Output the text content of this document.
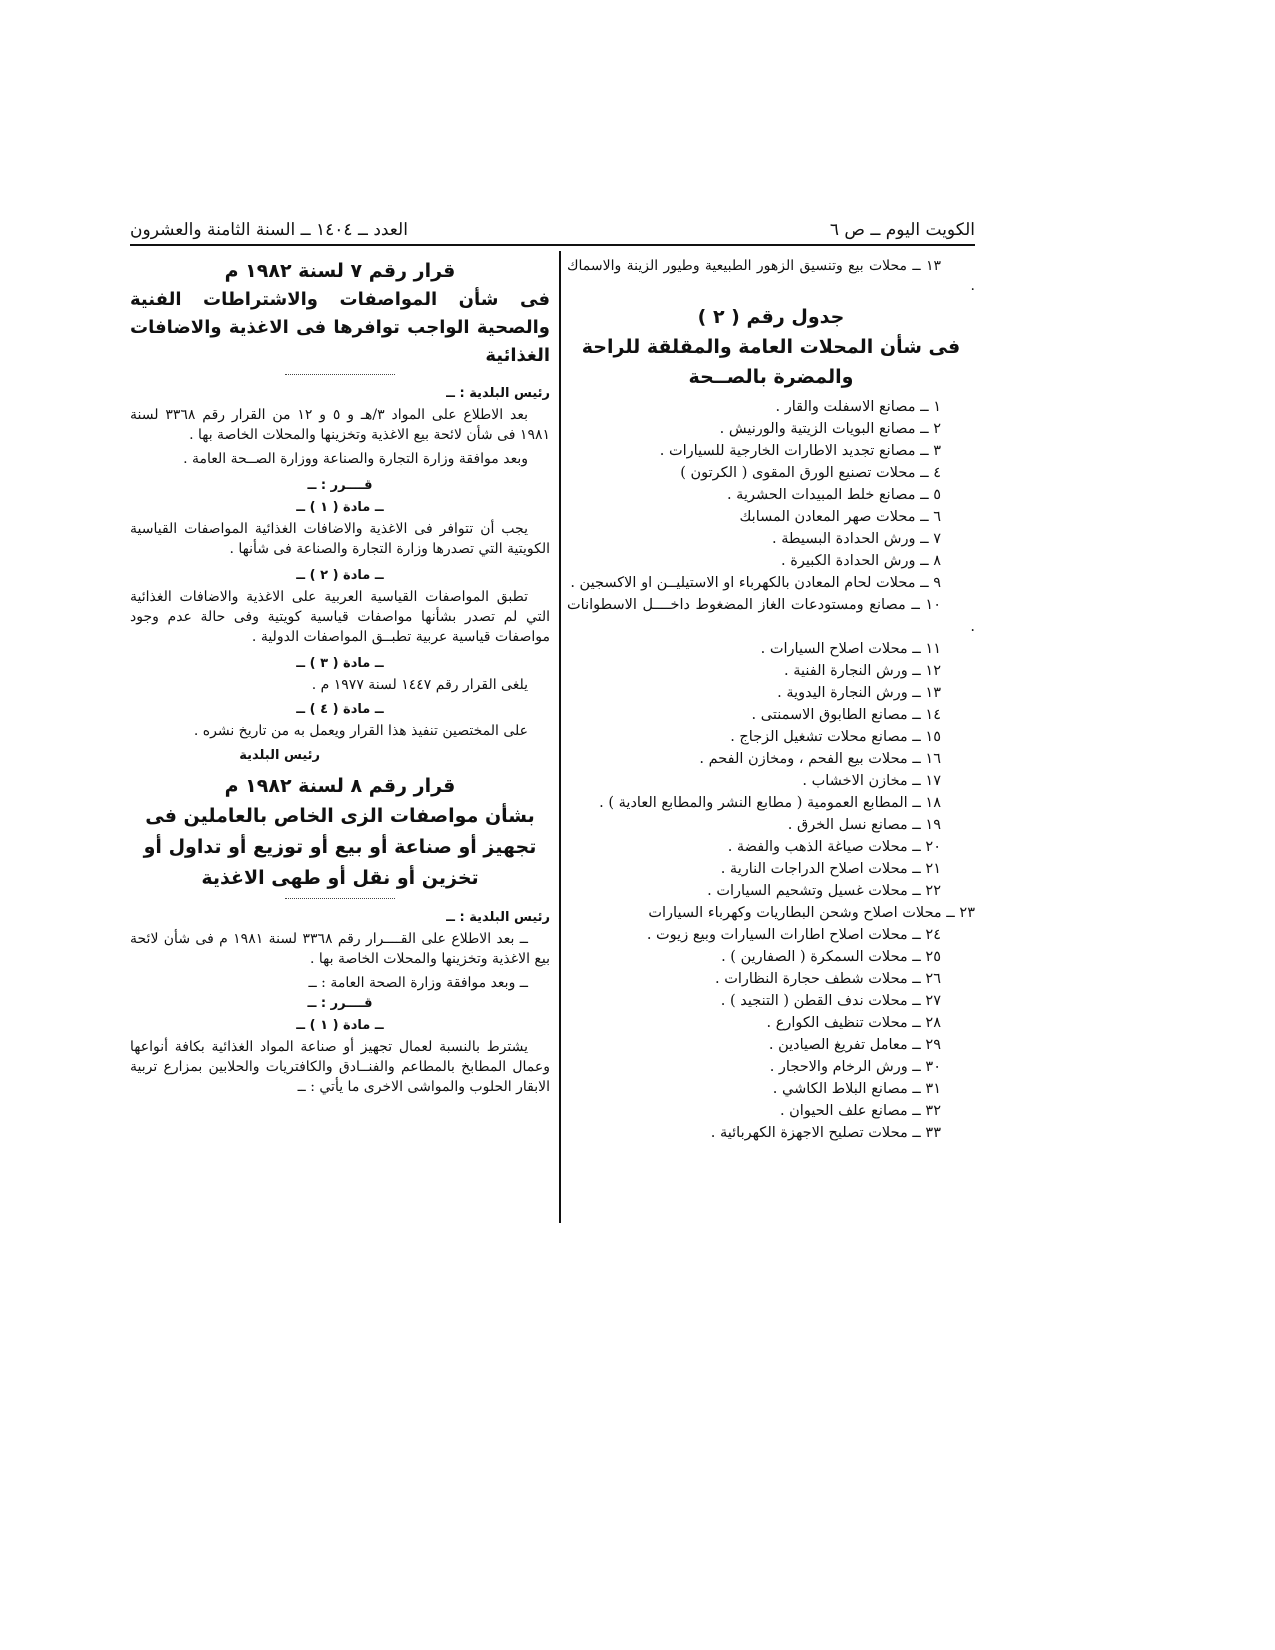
الكويت اليوم ــ ص ٦
العدد ــ ١٤٠٤ ــ السنة الثامنة والعشرون

١٣ ــ محلات بيع وتنسيق الزهور الطبيعية وطيور الزينة والاسماك .

جدول رقم ( ٢ )
فى شأن المحلات العامة والمقلقة للراحة والمضرة بالصــحة
١ ــ مصانع الاسفلت والقار .
٢ ــ مصانع البويات الزيتية والورنيش .
٣ ــ مصانع تجديد الاطارات الخارجية للسيارات .
٤ ــ محلات تصنيع الورق المقوى ( الكرتون )
٥ ــ مصانع خلط المبيدات الحشرية .
٦ ــ محلات صهر المعادن المسابك
٧ ــ ورش الحدادة البسيطة .
٨ ــ ورش الحدادة الكبيرة .
٩ ــ محلات لحام المعادن بالكهرباء او الاستيليــن او الاكسجين .
١٠ ــ مصانع ومستودعات الغاز المضغوط داخــــل الاسطوانات .
١١ ــ محلات اصلاح السيارات .
١٢ ــ ورش النجارة الفنية .
١٣ ــ ورش النجارة اليدوية .
١٤ ــ مصانع الطابوق الاسمنتى .
١٥ ــ مصانع محلات تشغيل الزجاج .
١٦ ــ محلات بيع الفحم ، ومخازن الفحم .
١٧ ــ مخازن الاخشاب .
١٨ ــ المطابع العمومية ( مطابع النشر والمطابع العادية ) .
١٩ ــ مصانع نسل الخرق .
٢٠ ــ محلات صياغة الذهب والفضة .
٢١ ــ محلات اصلاح الدراجات النارية .
٢٢ ــ محلات غسيل وتشحيم السيارات .
٢٣ ــ محلات اصلاح وشحن البطاريات وكهرباء السيارات
٢٤ ــ محلات اصلاح اطارات السيارات وبيع زيوت .
٢٥ ــ محلات السمكرة ( الصفارين ) .
٢٦ ــ محلات شطف حجارة النظارات .
٢٧ ــ محلات ندف القطن ( التنجيد ) .
٢٨ ــ محلات تنظيف الكوارع .
٢٩ ــ معامل تفريغ الصيادين .
٣٠ ــ ورش الرخام والاحجار .
٣١ ــ مصانع البلاط الكاشي .
٣٢ ــ مصانع علف الحيوان .
٣٣ ــ محلات تصليح الاجهزة الكهربائية .
قرار رقم ٧ لسنة ١٩٨٢ م
فى شأن المواصفات والاشتراطات الفنية والصحية الواجب توافرها فى الاغذية والاضافات الغذائية
رئيس البلدية : ــ

بعد الاطلاع على المواد ٣/هـ و ٥ و ١٢ من القرار رقم ٣٣٦٨ لسنة ١٩٨١ فى شأن لائحة بيع الاغذية وتخزينها والمحلات الخاصة بها .

وبعد موافقة وزارة التجارة والصناعة ووزارة الصــحة العامة .

قــــرر : ــ
ــ مادة ( ١ ) ــ

يجب أن تتوافر فى الاغذية والاضافات الغذائية المواصفات القياسية الكويتية التي تصدرها وزارة التجارة والصناعة فى شأنها .

ــ مادة ( ٢ ) ــ

تطبق المواصفات القياسية العربية على الاغذية والاضافات الغذائية التي لم تصدر بشأنها مواصفات قياسية كويتية وفى حالة عدم وجود مواصفات قياسية عربية تطبــق المواصفات الدولية .

ــ مادة ( ٣ ) ــ

يلغى القرار رقم ١٤٤٧ لسنة ١٩٧٧ م .

ــ مادة ( ٤ ) ــ

على المختصين تنفيذ هذا القرار ويعمل به من تاريخ نشره .

رئيس البلدية
قرار رقم ٨ لسنة ١٩٨٢ م
بشأن مواصفات الزى الخاص بالعاملين فى تجهيز أو صناعة أو بيع أو توزيع أو تداول أو تخزين أو نقل أو طهى الاغذية
رئيس البلدية : ــ

ــ بعد الاطلاع على القــــرار رقم ٣٣٦٨ لسنة ١٩٨١ م فى شأن لائحة بيع الاغذية وتخزينها والمحلات الخاصة بها .

ــ وبعد موافقة وزارة الصحة العامة : ــ

قــــرر : ــ
ــ مادة ( ١ ) ــ

يشترط بالنسبة لعمال تجهيز أو صناعة المواد الغذائية بكافة أنواعها وعمال المطابخ بالمطاعم والفنــادق والكافتريات والحلابين بمزارع تربية الابقار الحلوب والمواشى الاخرى ما يأتي : ــ
